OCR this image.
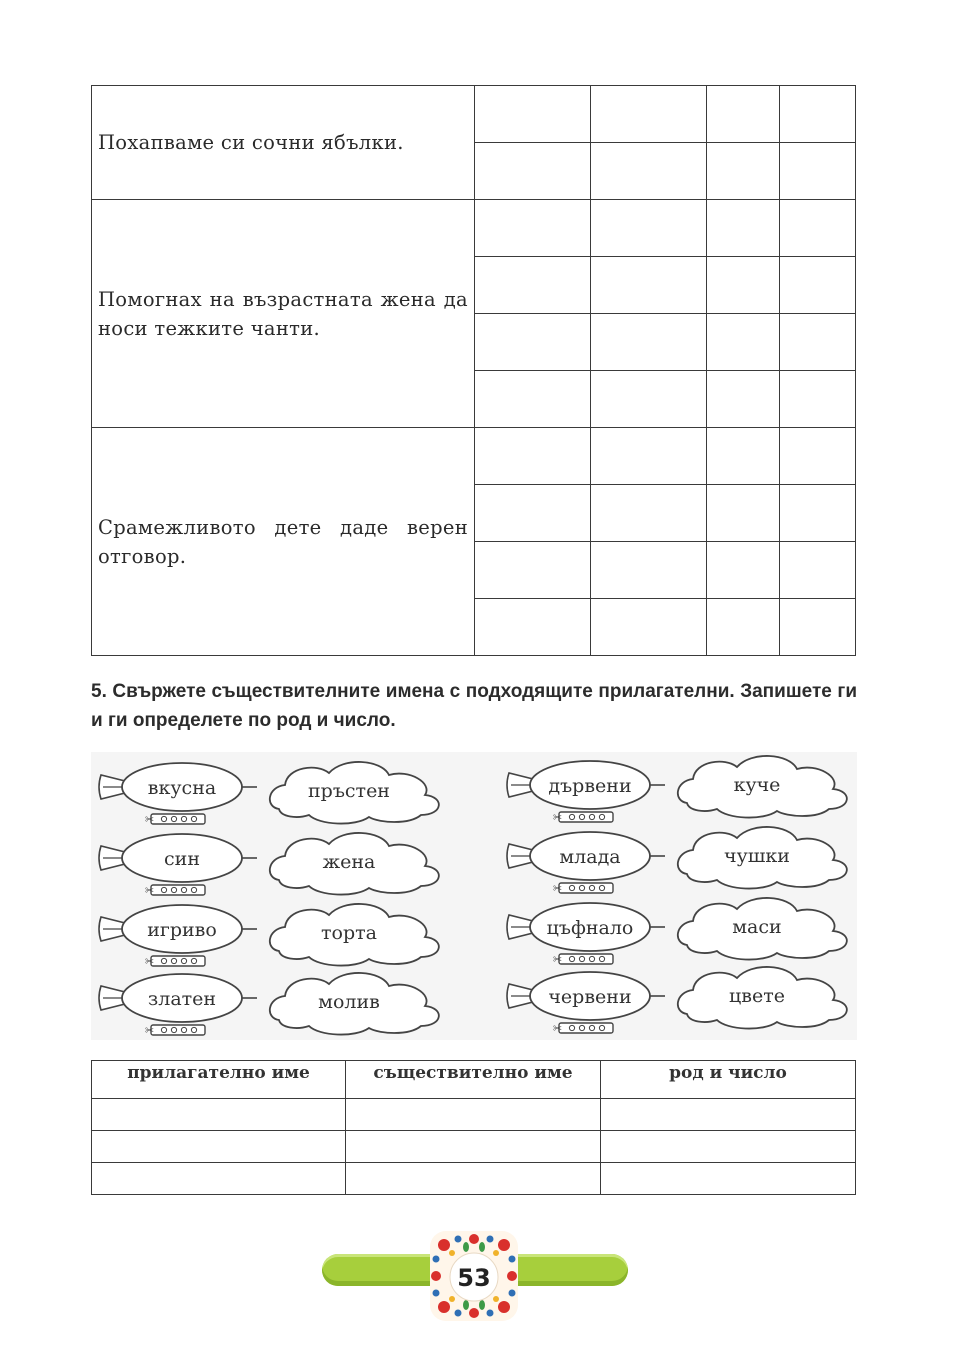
Похапваме си сочни ябълки.				

Помогнах на възрастната жена да носи тежките чанти.				

Срамежливото дете даде верен отговор.				

5. Свържете съществителните имена с подходящите прилагателни. Запишете ги и ги определете по род и число.
✂
вкусна	пръстен
✂
дървени	куче
✂
син	жена
✂
млада	чушки
✂
игриво	торта
✂
цъфнало	маси
✂
златен	молив
✂
червени	цвете
прилагателно име	съществително име	род и число

53
